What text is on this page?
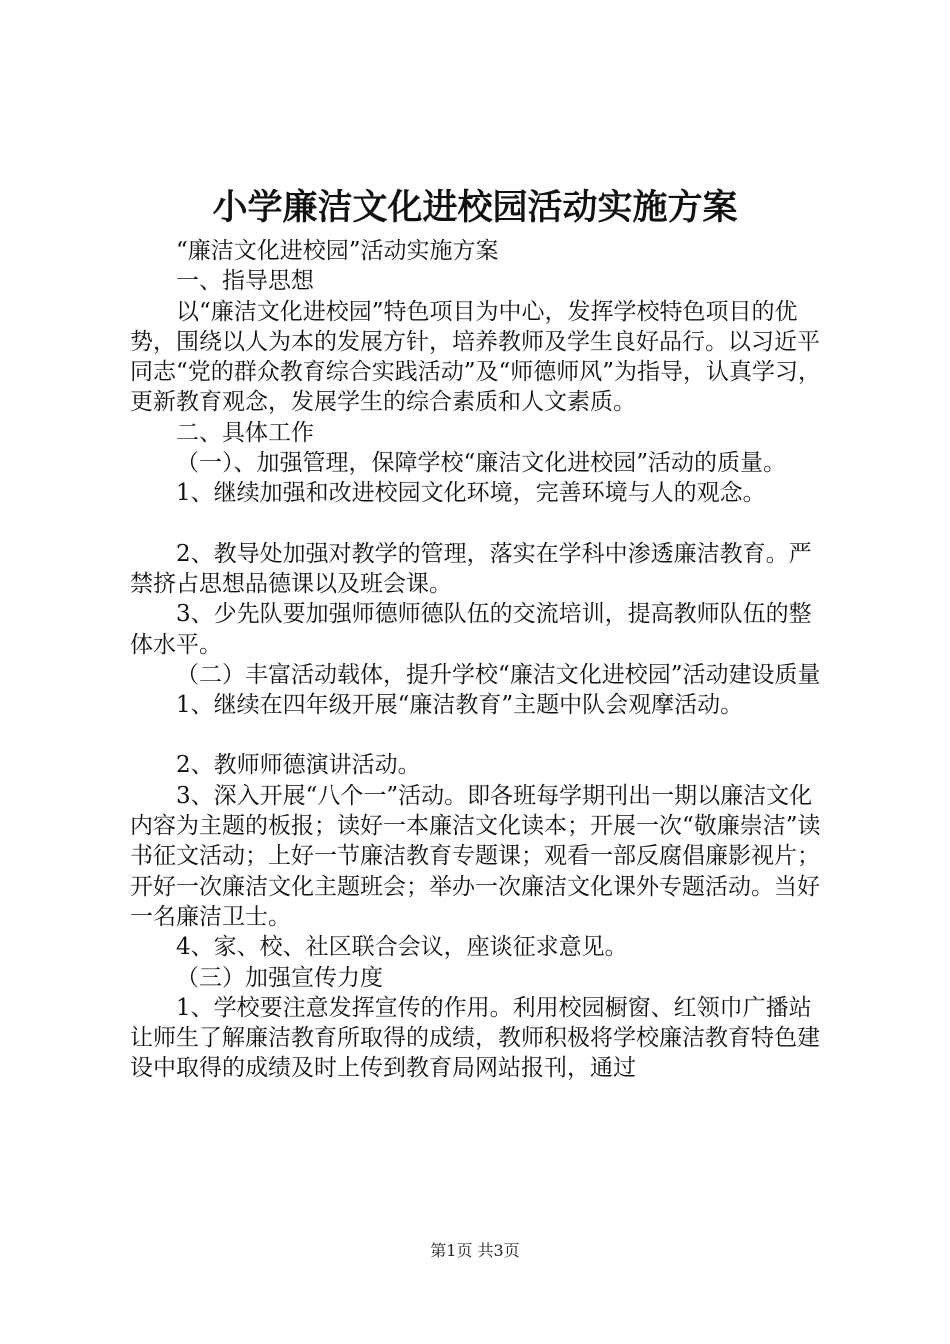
小学廉洁文化进校园活动实施方案

“廉洁文化进校园”活动实施方案

一、指导思想

以“廉洁文化进校园”特色项目为中心，发挥学校特色项目的优势，围绕以人为本的发展方针，培养教师及学生良好品行。以习近平同志“党的群众教育综合实践活动”及“师德师风”为指导，认真学习，更新教育观念，发展学生的综合素质和人文素质。

二、具体工作

（一）、加强管理，保障学校“廉洁文化进校园”活动的质量。

1、继续加强和改进校园文化环境，完善环境与人的观念。

2、教导处加强对教学的管理，落实在学科中渗透廉洁教育。严禁挤占思想品德课以及班会课。

3、少先队要加强师德师德队伍的交流培训，提高教师队伍的整体水平。

（二）丰富活动载体，提升学校“廉洁文化进校园”活动建设质量

1、继续在四年级开展“廉洁教育”主题中队会观摩活动。

2、教师师德演讲活动。

3、深入开展“八个一”活动。即各班每学期刊出一期以廉洁文化内容为主题的板报；读好一本廉洁文化读本；开展一次“敬廉崇洁”读书征文活动；上好一节廉洁教育专题课；观看一部反腐倡廉影视片；开好一次廉洁文化主题班会；举办一次廉洁文化课外专题活动。当好一名廉洁卫士。

4、家、校、社区联合会议，座谈征求意见。

（三）加强宣传力度

1、学校要注意发挥宣传的作用。利用校园橱窗、红领巾广播站让师生了解廉洁教育所取得的成绩，教师积极将学校廉洁教育特色建设中取得的成绩及时上传到教育局网站报刊，通过

第1页 共3页
